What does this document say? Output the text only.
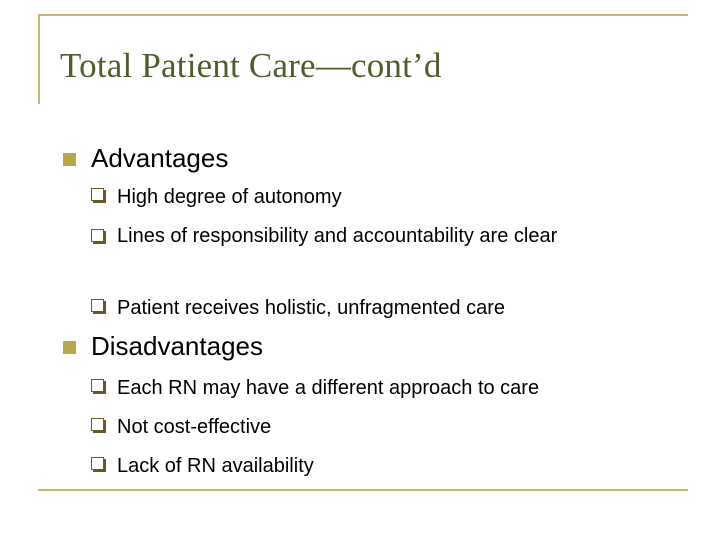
Total Patient Care—cont’d
Advantages
High degree of autonomy
Lines of responsibility and accountability are clear
Patient receives holistic, unfragmented care
Disadvantages
Each RN may have a different approach to care
Not cost-effective
Lack of RN availability
